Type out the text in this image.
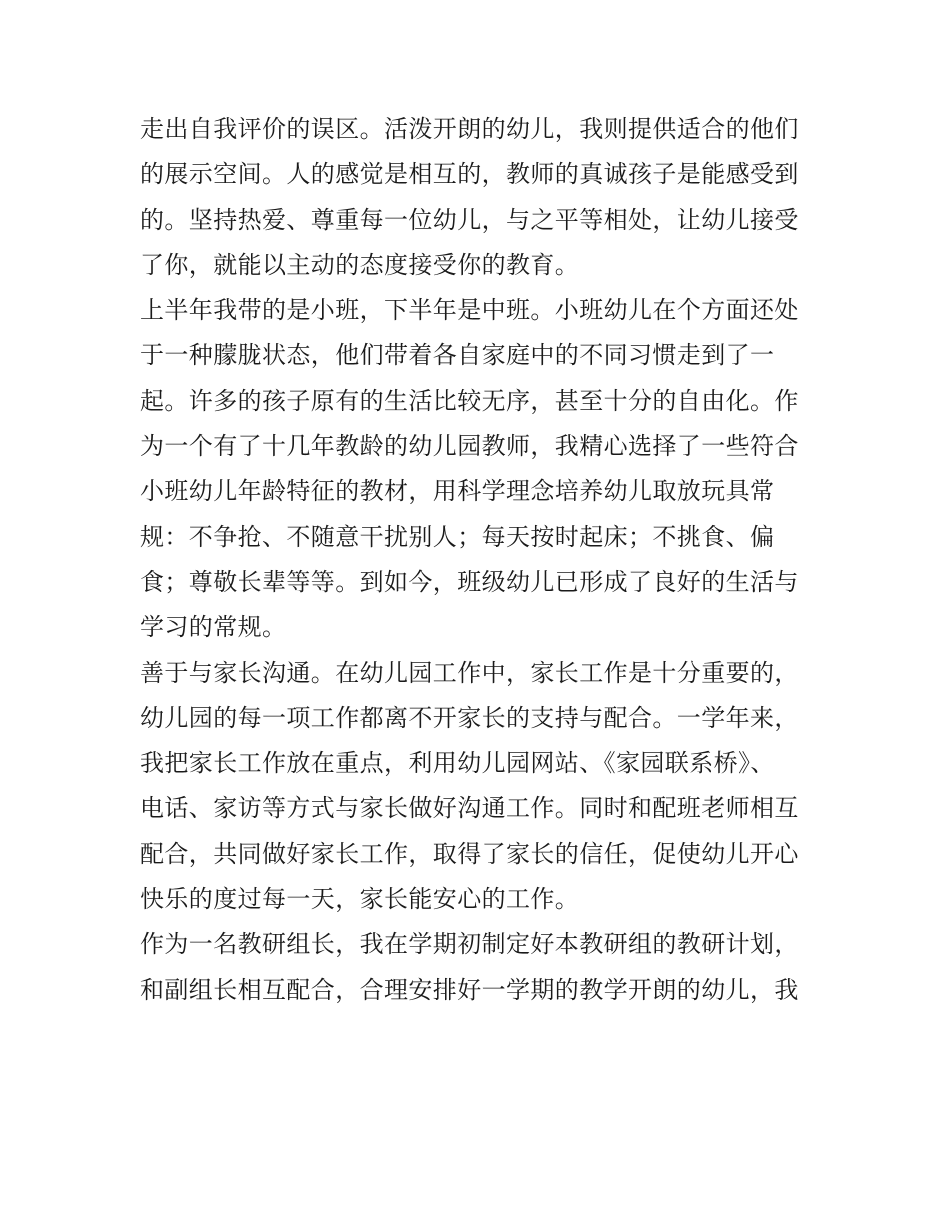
走出自我评价的误区。活泼开朗的幼儿，我则提供适合的他们
的展示空间。人的感觉是相互的，教师的真诚孩子是能感受到
的。坚持热爱、尊重每一位幼儿，与之平等相处，让幼儿接受
了你，就能以主动的态度接受你的教育。
上半年我带的是小班，下半年是中班。小班幼儿在个方面还处
于一种朦胧状态，他们带着各自家庭中的不同习惯走到了一
起。许多的孩子原有的生活比较无序，甚至十分的自由化。作
为一个有了十几年教龄的幼儿园教师，我精心选择了一些符合
小班幼儿年龄特征的教材，用科学理念培养幼儿取放玩具常
规：不争抢、不随意干扰别人；每天按时起床；不挑食、偏
食；尊敬长辈等等。到如今，班级幼儿已形成了良好的生活与
学习的常规。
善于与家长沟通。在幼儿园工作中，家长工作是十分重要的，
幼儿园的每一项工作都离不开家长的支持与配合。一学年来，
我把家长工作放在重点，利用幼儿园网站、《家园联系桥》、
电话、家访等方式与家长做好沟通工作。同时和配班老师相互
配合，共同做好家长工作，取得了家长的信任，促使幼儿开心
快乐的度过每一天，家长能安心的工作。
作为一名教研组长，我在学期初制定好本教研组的教研计划，
和副组长相互配合，合理安排好一学期的教学开朗的幼儿，我
